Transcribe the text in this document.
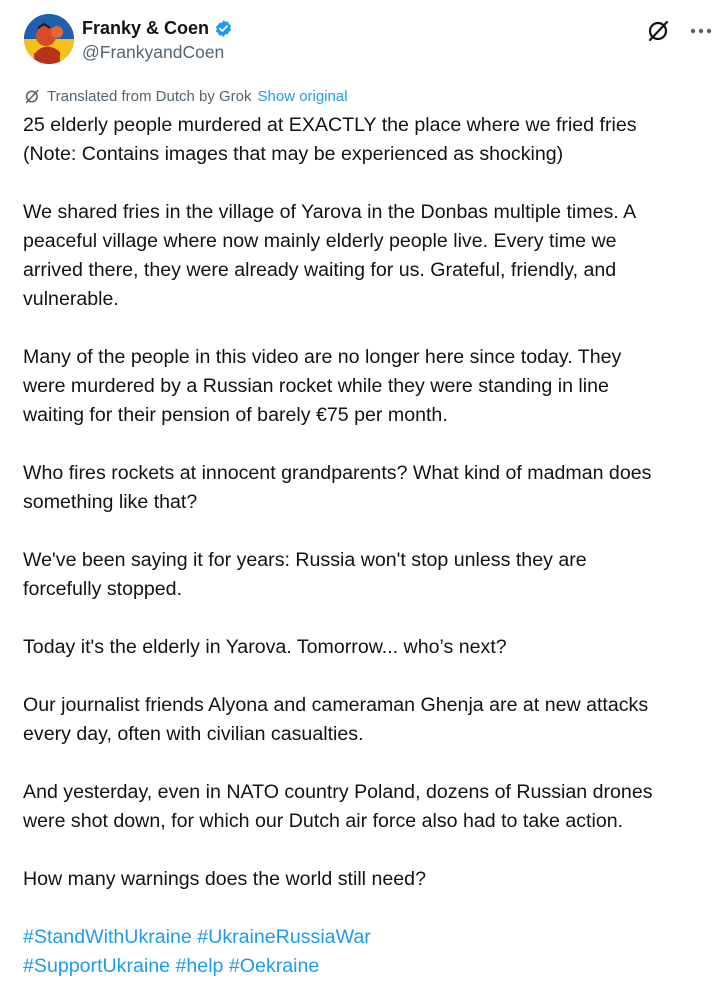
Franky & Coen
@FrankyandCoen
Translated from Dutch by Grok Show original

25 elderly people murdered at EXACTLY the place where we fried fries
(Note: Contains images that may be experienced as shocking)

We shared fries in the village of Yarova in the Donbas multiple times. A
peaceful village where now mainly elderly people live. Every time we
arrived there, they were already waiting for us. Grateful, friendly, and
vulnerable.

Many of the people in this video are no longer here since today. They
were murdered by a Russian rocket while they were standing in line
waiting for their pension of barely €75 per month.

Who fires rockets at innocent grandparents? What kind of madman does
something like that?

We've been saying it for years: Russia won't stop unless they are
forcefully stopped.

Today it's the elderly in Yarova. Tomorrow... who’s next?

Our journalist friends Alyona and cameraman Ghenja are at new attacks
every day, often with civilian casualties.

And yesterday, even in NATO country Poland, dozens of Russian drones
were shot down, for which our Dutch air force also had to take action.

How many warnings does the world still need?

#StandWithUkraine #UkraineRussiaWar
#SupportUkraine #help #Oekraine
